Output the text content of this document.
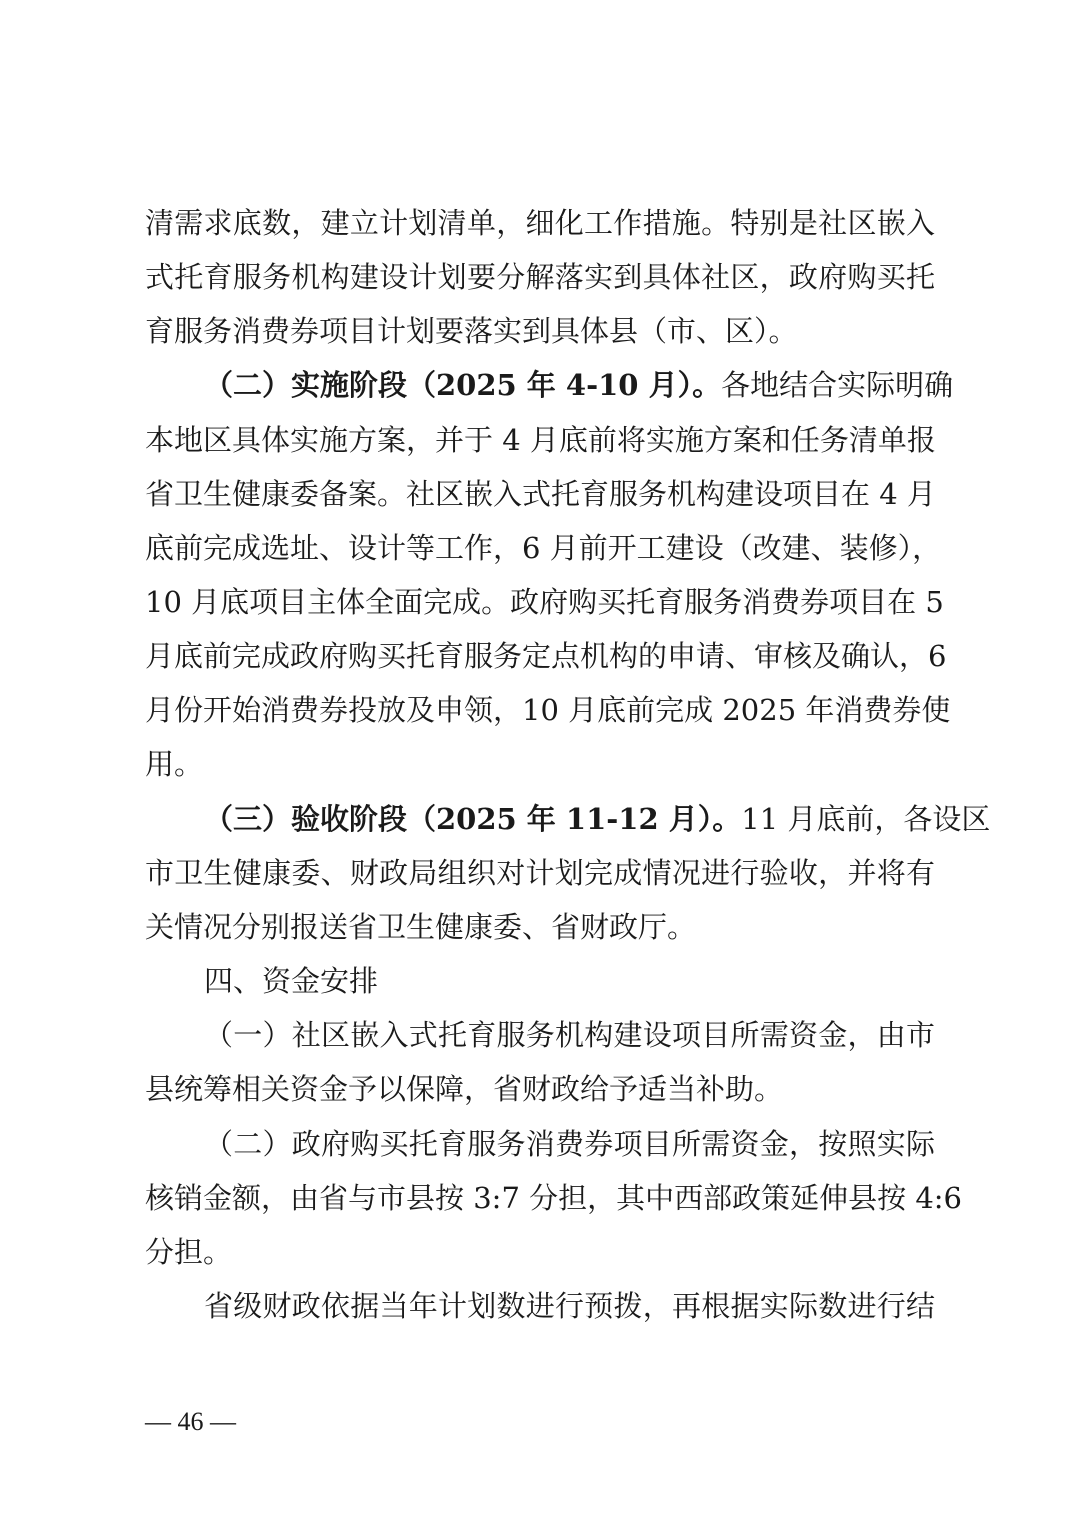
清需求底数，建立计划清单，细化工作措施。特别是社区嵌入
式托育服务机构建设计划要分解落实到具体社区，政府购买托
育服务消费券项目计划要落实到具体县（市、区）。
（二）实施阶段（2025 年 4-10 月）。各地结合实际明确
本地区具体实施方案，并于 4 月底前将实施方案和任务清单报
省卫生健康委备案。社区嵌入式托育服务机构建设项目在 4 月
底前完成选址、设计等工作，6 月前开工建设（改建、装修），
10 月底项目主体全面完成。政府购买托育服务消费券项目在 5
月底前完成政府购买托育服务定点机构的申请、审核及确认，6
月份开始消费券投放及申领，10 月底前完成 2025 年消费券使
用。
（三）验收阶段（2025 年 11-12 月）。11 月底前，各设区
市卫生健康委、财政局组织对计划完成情况进行验收，并将有
关情况分别报送省卫生健康委、省财政厅。
四、资金安排
（一）社区嵌入式托育服务机构建设项目所需资金，由市
县统筹相关资金予以保障，省财政给予适当补助。
（二）政府购买托育服务消费券项目所需资金，按照实际
核销金额，由省与市县按 3:7 分担，其中西部政策延伸县按 4:6
分担。
省级财政依据当年计划数进行预拨，再根据实际数进行结
— 46 —
